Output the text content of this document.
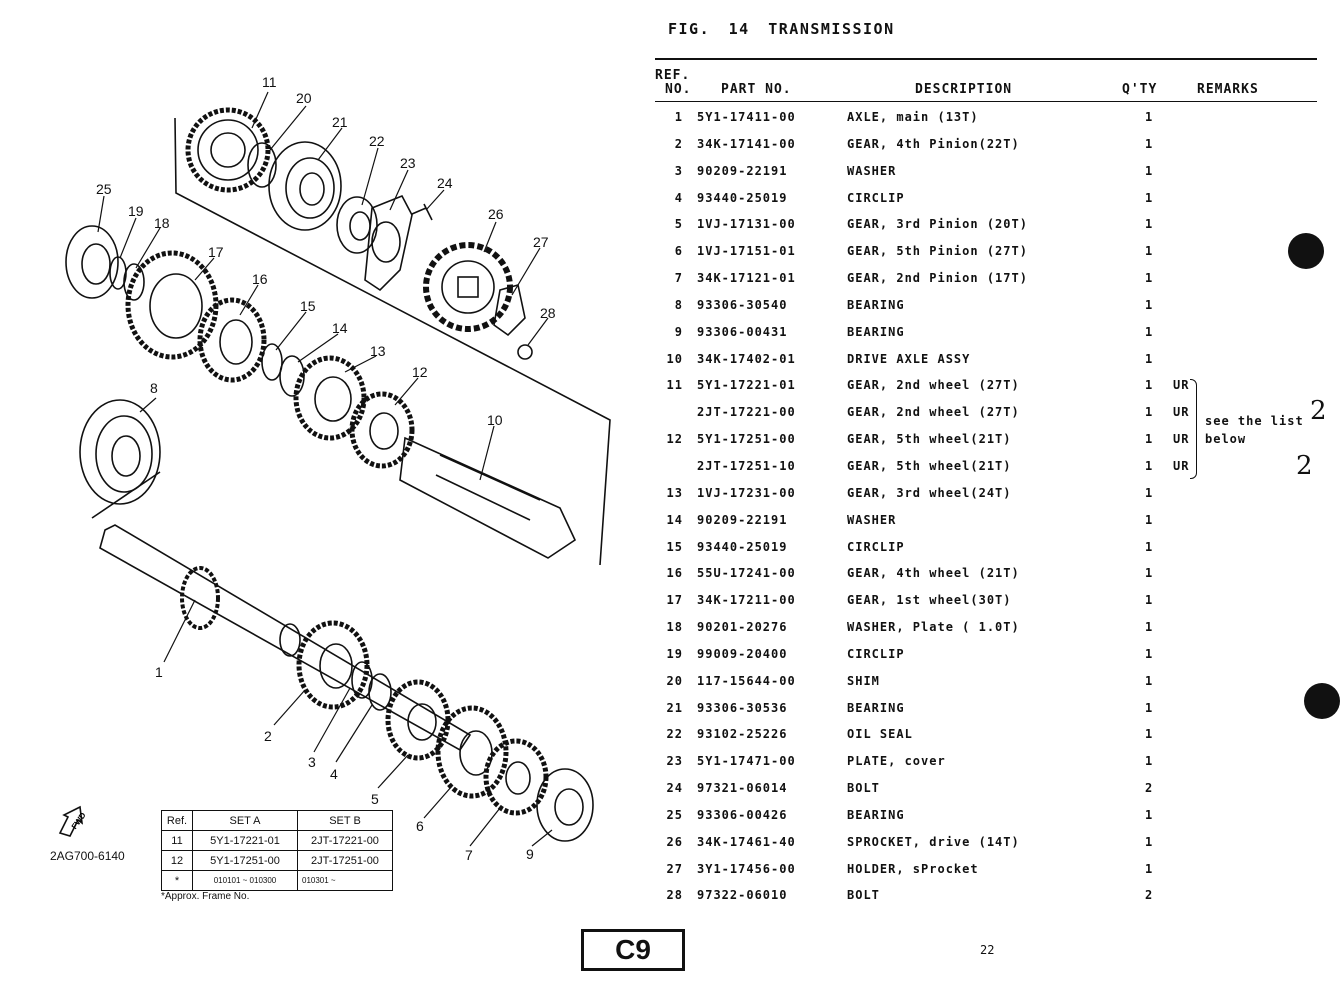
11
20
21
22
23
24
26
27
28
25
19
18
17
16
15
14
13
12
10
8
1
2
3
4
5
6
7	9
FWD
2AG700-6140
Ref.	SET A	SET B
11	5Y1-17221-01	2JT-17221-00
12	5Y1-17251-00	2JT-17251-00
*	010101 ~ 010300	010301 ~
*Approx. Frame No.
FIG. 14 TRANSMISSION
REF.
NO. PART NO.	DESCRIPTION	Q'TY	REMARKS
1 5Y1-17411-00	AXLE, main (13T)	1
2 34K-17141-00	GEAR, 4th Pinion(22T)	1
3 90209-22191	WASHER	1
4 93440-25019	CIRCLIP	1
5 1VJ-17131-00	GEAR, 3rd Pinion (20T)	1
6 1VJ-17151-01	GEAR, 5th Pinion (27T)	1
7 34K-17121-01	GEAR, 2nd Pinion (17T)	1
8 93306-30540	BEARING	1
9 93306-00431	BEARING	1
10 34K-17402-01	DRIVE AXLE ASSY	1
11 5Y1-17221-01	GEAR, 2nd wheel (27T)	1 UR
2JT-17221-00	GEAR, 2nd wheel (27T)	1 UR
12 5Y1-17251-00	GEAR, 5th wheel(21T)	1 UR
2JT-17251-10	GEAR, 5th wheel(21T)	1 UR
13 1VJ-17231-00	GEAR, 3rd wheel(24T)	1
14 90209-22191	WASHER	1
15 93440-25019	CIRCLIP	1
16 55U-17241-00	GEAR, 4th wheel (21T)	1
17 34K-17211-00	GEAR, 1st wheel(30T)	1
18 90201-20276	WASHER, Plate ( 1.0T)	1
19 99009-20400	CIRCLIP	1
20 117-15644-00	SHIM	1
21 93306-30536	BEARING	1
22 93102-25226	OIL SEAL	1
23 5Y1-17471-00	PLATE, cover	1
24 97321-06014	BOLT	2
25 93306-00426	BEARING	1
26 34K-17461-40	SPROCKET, drive (14T)	1
27 3Y1-17456-00	HOLDER, sProcket	1
28 97322-06010	BOLT	2
see the list
below
2
2
C9	22
